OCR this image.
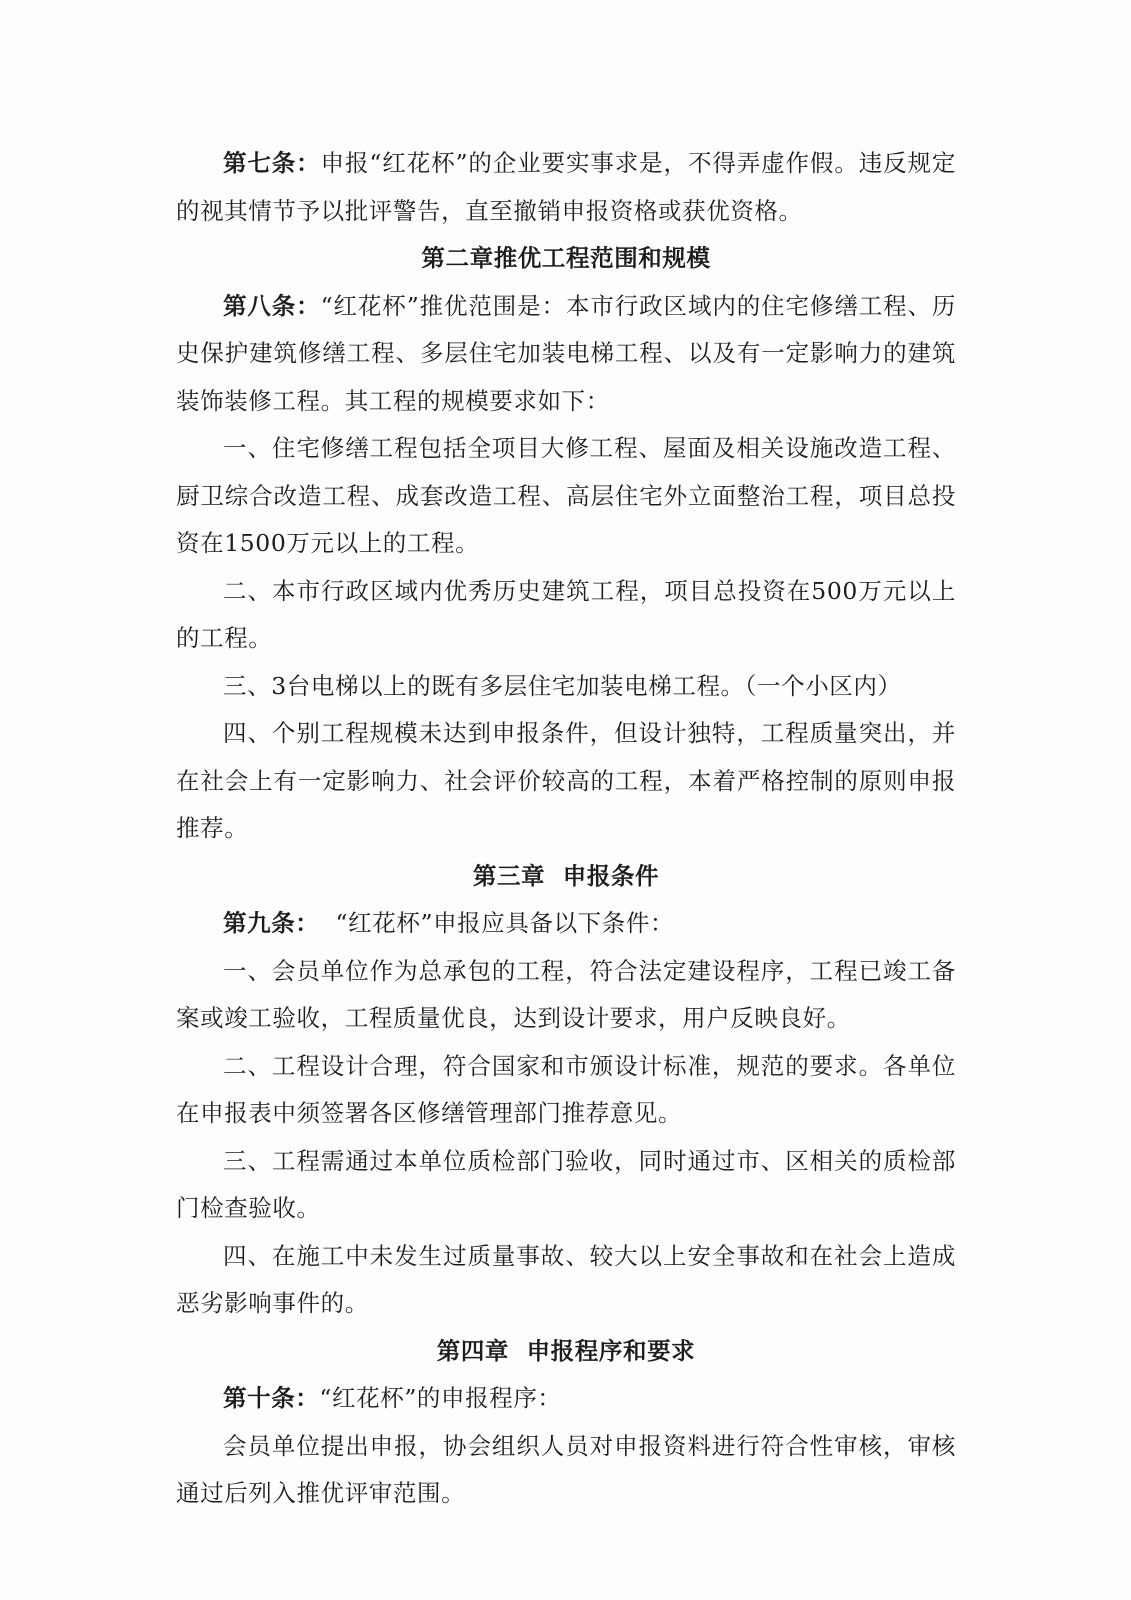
第七条：申报“红花杯”的企业要实事求是，不得弄虚作假。违反规定的视其情节予以批评警告，直至撤销申报资格或获优资格。

第二章推优工程范围和规模

第八条：“红花杯”推优范围是：本市行政区域内的住宅修缮工程、历史保护建筑修缮工程、多层住宅加装电梯工程、以及有一定影响力的建筑装饰装修工程。其工程的规模要求如下：

一、住宅修缮工程包括全项目大修工程、屋面及相关设施改造工程、厨卫综合改造工程、成套改造工程、高层住宅外立面整治工程，项目总投资在1500万元以上的工程。

二、本市行政区域内优秀历史建筑工程，项目总投资在500万元以上的工程。

三、3台电梯以上的既有多层住宅加装电梯工程。（一个小区内）

四、个别工程规模未达到申报条件，但设计独特，工程质量突出，并在社会上有一定影响力、社会评价较高的工程，本着严格控制的原则申报推荐。

第三章  申报条件

第九条：  “红花杯”申报应具备以下条件：

一、会员单位作为总承包的工程，符合法定建设程序，工程已竣工备案或竣工验收，工程质量优良，达到设计要求，用户反映良好。

二、工程设计合理，符合国家和市颁设计标准，规范的要求。各单位在申报表中须签署各区修缮管理部门推荐意见。

三、工程需通过本单位质检部门验收，同时通过市、区相关的质检部门检查验收。

四、在施工中未发生过质量事故、较大以上安全事故和在社会上造成恶劣影响事件的。

第四章  申报程序和要求

第十条：“红花杯”的申报程序：

会员单位提出申报，协会组织人员对申报资料进行符合性审核，审核通过后列入推优评审范围。
